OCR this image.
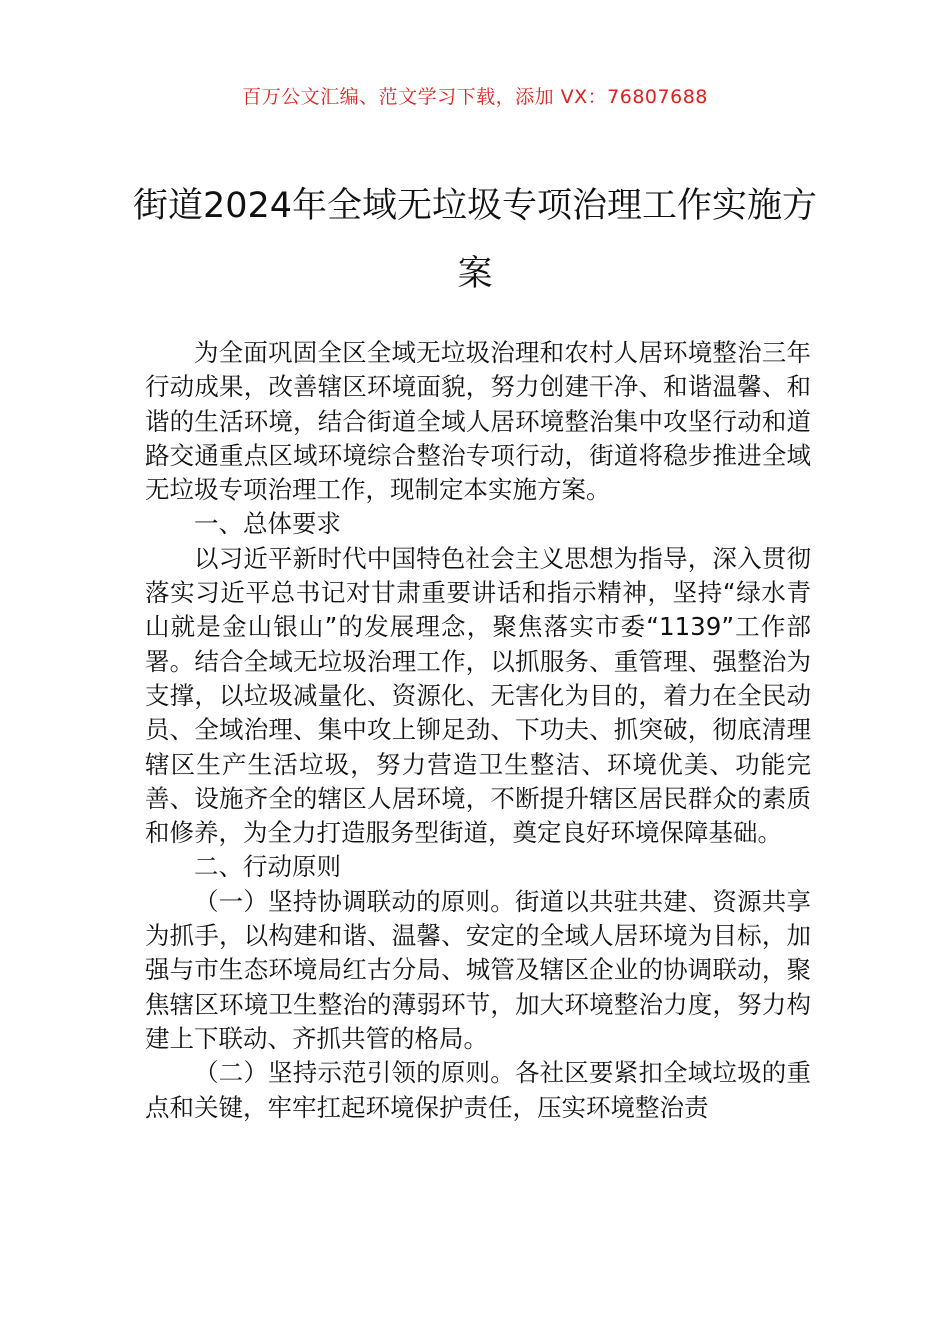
百万公文汇编、范文学习下载，添加 VX：76807688
街道2024年全域无垃圾专项治理工作实施方案

为全面巩固全区全域无垃圾治理和农村人居环境整治三年行动成果，改善辖区环境面貌，努力创建干净、和谐温馨、和谐的生活环境，结合街道全域人居环境整治集中攻坚行动和道路交通重点区域环境综合整治专项行动，街道将稳步推进全域无垃圾专项治理工作，现制定本实施方案。

一、总体要求

以习近平新时代中国特色社会主义思想为指导，深入贯彻落实习近平总书记对甘肃重要讲话和指示精神，坚持“绿水青山就是金山银山”的发展理念，聚焦落实市委“1139”工作部署。结合全域无垃圾治理工作，以抓服务、重管理、强整治为支撑，以垃圾减量化、资源化、无害化为目的，着力在全民动员、全域治理、集中攻上铆足劲、下功夫、抓突破，彻底清理辖区生产生活垃圾，努力营造卫生整洁、环境优美、功能完善、设施齐全的辖区人居环境，不断提升辖区居民群众的素质和修养，为全力打造服务型街道，奠定良好环境保障基础。

二、行动原则

（一）坚持协调联动的原则。街道以共驻共建、资源共享为抓手，以构建和谐、温馨、安定的全域人居环境为目标，加强与市生态环境局红古分局、城管及辖区企业的协调联动，聚焦辖区环境卫生整治的薄弱环节，加大环境整治力度，努力构建上下联动、齐抓共管的格局。

（二）坚持示范引领的原则。各社区要紧扣全域垃圾的重点和关键，牢牢扛起环境保护责任，压实环境整治责
